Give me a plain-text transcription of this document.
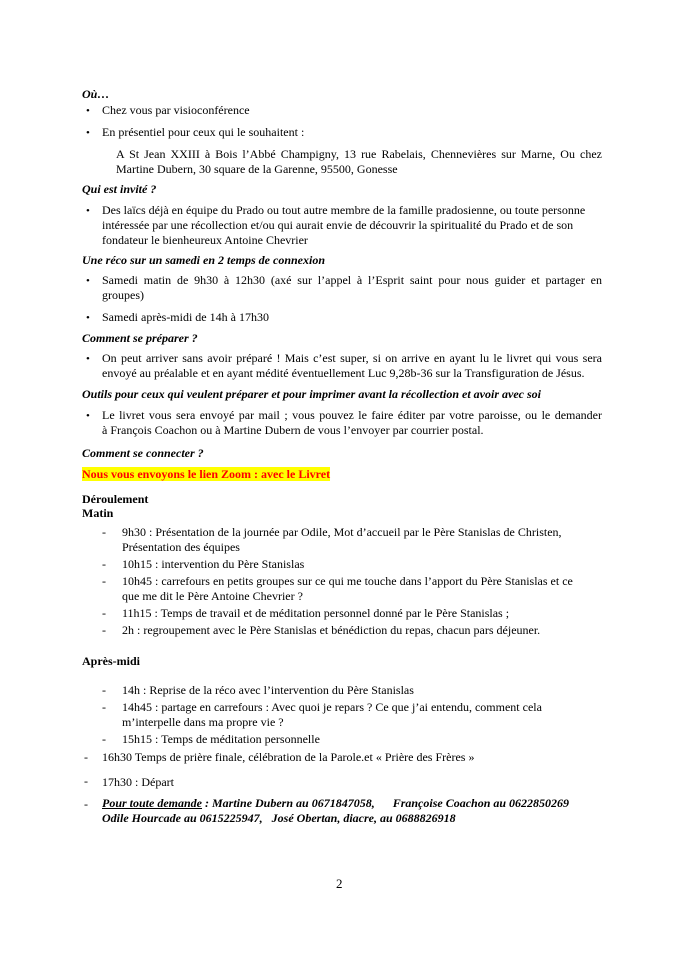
Où…
• Chez vous par visioconférence
• En présentiel pour ceux qui le souhaitent :
A St Jean XXIII à Bois l’Abbé Champigny, 13 rue Rabelais, Chennevières sur Marne, Ou chez
Martine Dubern, 30 square de la Garenne, 95500, Gonesse
Qui est invité ?
• Des laïcs déjà en équipe du Prado ou tout autre membre de la famille pradosienne, ou toute personne
intéressée par une récollection et/ou qui aurait envie de découvrir la spiritualité du Prado et de son
fondateur le bienheureux Antoine Chevrier
Une réco sur un samedi en 2 temps de connexion
• Samedi matin de 9h30 à 12h30 (axé sur l’appel à l’Esprit saint pour nous guider et partager en
groupes)
• Samedi après-midi de 14h à 17h30
Comment se préparer ?
• On peut arriver sans avoir préparé ! Mais c’est super, si on arrive en ayant lu le livret qui vous sera
envoyé au préalable et en ayant médité éventuellement Luc 9,28b-36 sur la Transfiguration de Jésus.
Outils pour ceux qui veulent préparer et pour imprimer avant la récollection et avoir avec soi
• Le livret vous sera envoyé par mail ; vous pouvez le faire éditer par votre paroisse, ou le demander
à François Coachon ou à Martine Dubern de vous l’envoyer par courrier postal.
Comment se connecter ?
Nous vous envoyons le lien Zoom : avec le Livret
Déroulement
Matin
- 9h30 : Présentation de la journée par Odile, Mot d’accueil par le Père Stanislas de Christen,
Présentation des équipes
- 10h15 : intervention du Père Stanislas
- 10h45 : carrefours en petits groupes sur ce qui me touche dans l’apport du Père Stanislas et ce
que me dit le Père Antoine Chevrier ?
- 11h15 : Temps de travail et de méditation personnel donné par le Père Stanislas ;
- 2h : regroupement avec le Père Stanislas et bénédiction du repas, chacun pars déjeuner.
Après-midi
- 14h : Reprise de la réco avec l’intervention du Père Stanislas
- 14h45 : partage en carrefours : Avec quoi je repars ? Ce que j’ai entendu, comment cela
m’interpelle dans ma propre vie ?
- 15h15 : Temps de méditation personnelle
- 16h30 Temps de prière finale, célébration de la Parole.et « Prière des Frères »
- 17h30 : Départ
- Pour toute demande : Martine Dubern au 0671847058,      Françoise Coachon au 0622850269
Odile Hourcade au 0615225947,   José Obertan, diacre, au 0688826918
2
